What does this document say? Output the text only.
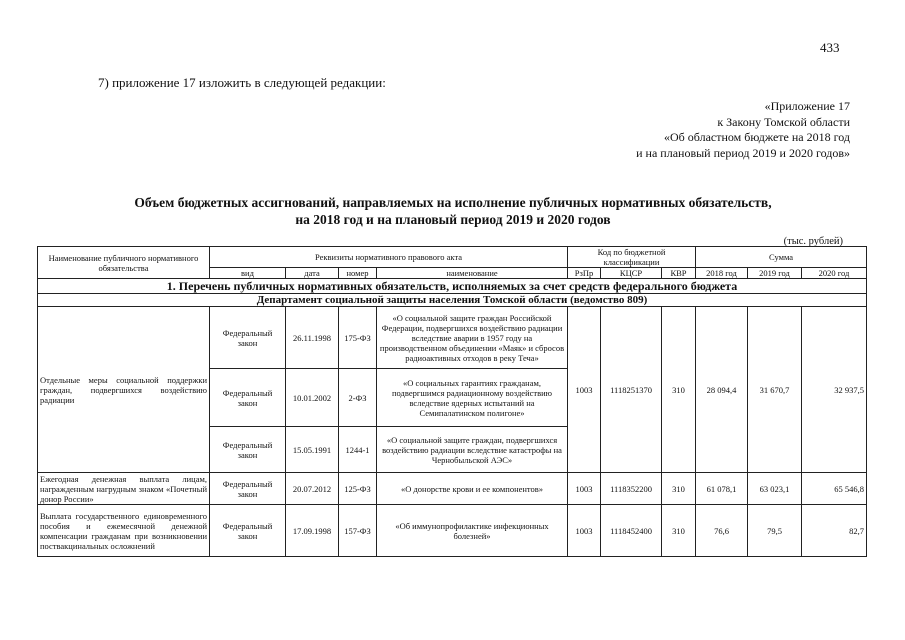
433
7) приложение 17 изложить в следующей редакции:
«Приложение 17
к Закону Томской области
«Об областном бюджете на 2018 год
и на плановый период 2019 и 2020 годов»
Объем бюджетных ассигнований, направляемых на исполнение публичных нормативных обязательств,
на 2018 год и на плановый период 2019 и 2020 годов
(тыс. рублей)
Наименование публичного нормативного обязательства	Реквизиты нормативного правового акта				Код по бюджетной классификации			Сумма		
	вид	дата	номер	наименование	РзПр	КЦСР	КВР	2018 год	2019 год	2020 год
1. Перечень публичных нормативных обязательств, исполняемых за счет средств федерального бюджета										
Департамент социальной защиты населения Томской области (ведомство 809)										
Отдельные меры социальной поддержки граждан, подвергшихся воздействию радиации	Федеральный закон	26.11.1998	175-ФЗ	«О социальной защите граждан Российской Федерации, подвергшихся воздействию радиации вследствие аварии в 1957 году на производственном объединении «Маяк» и сбросов радиоактивных отходов в реку Теча»	1003	1118251370	310	28 094,4	31 670,7	32 937,5
	Федеральный закон	10.01.2002	2-ФЗ	«О социальных гарантиях гражданам, подвергшимся радиационному воздействию вследствие ядерных испытаний на Семипалатинском полигоне»						
	Федеральный закон	15.05.1991	1244-1	«О социальной защите граждан, подвергшихся воздействию радиации вследствие катастрофы на Чернобыльской АЭС»						
Ежегодная денежная выплата лицам, награжденным нагрудным знаком «Почетный донор России»	Федеральный закон	20.07.2012	125-ФЗ	«О донорстве крови и ее компонентов»	1003	1118352200	310	61 078,1	63 023,1	65 546,8
Выплата государственного единовременного пособия и ежемесячной денежной компенсации гражданам при возникновении поствакцинальных осложнений	Федеральный закон	17.09.1998	157-ФЗ	«Об иммунопрофилактике инфекционных болезней»	1003	1118452400	310	76,6	79,5	82,7
